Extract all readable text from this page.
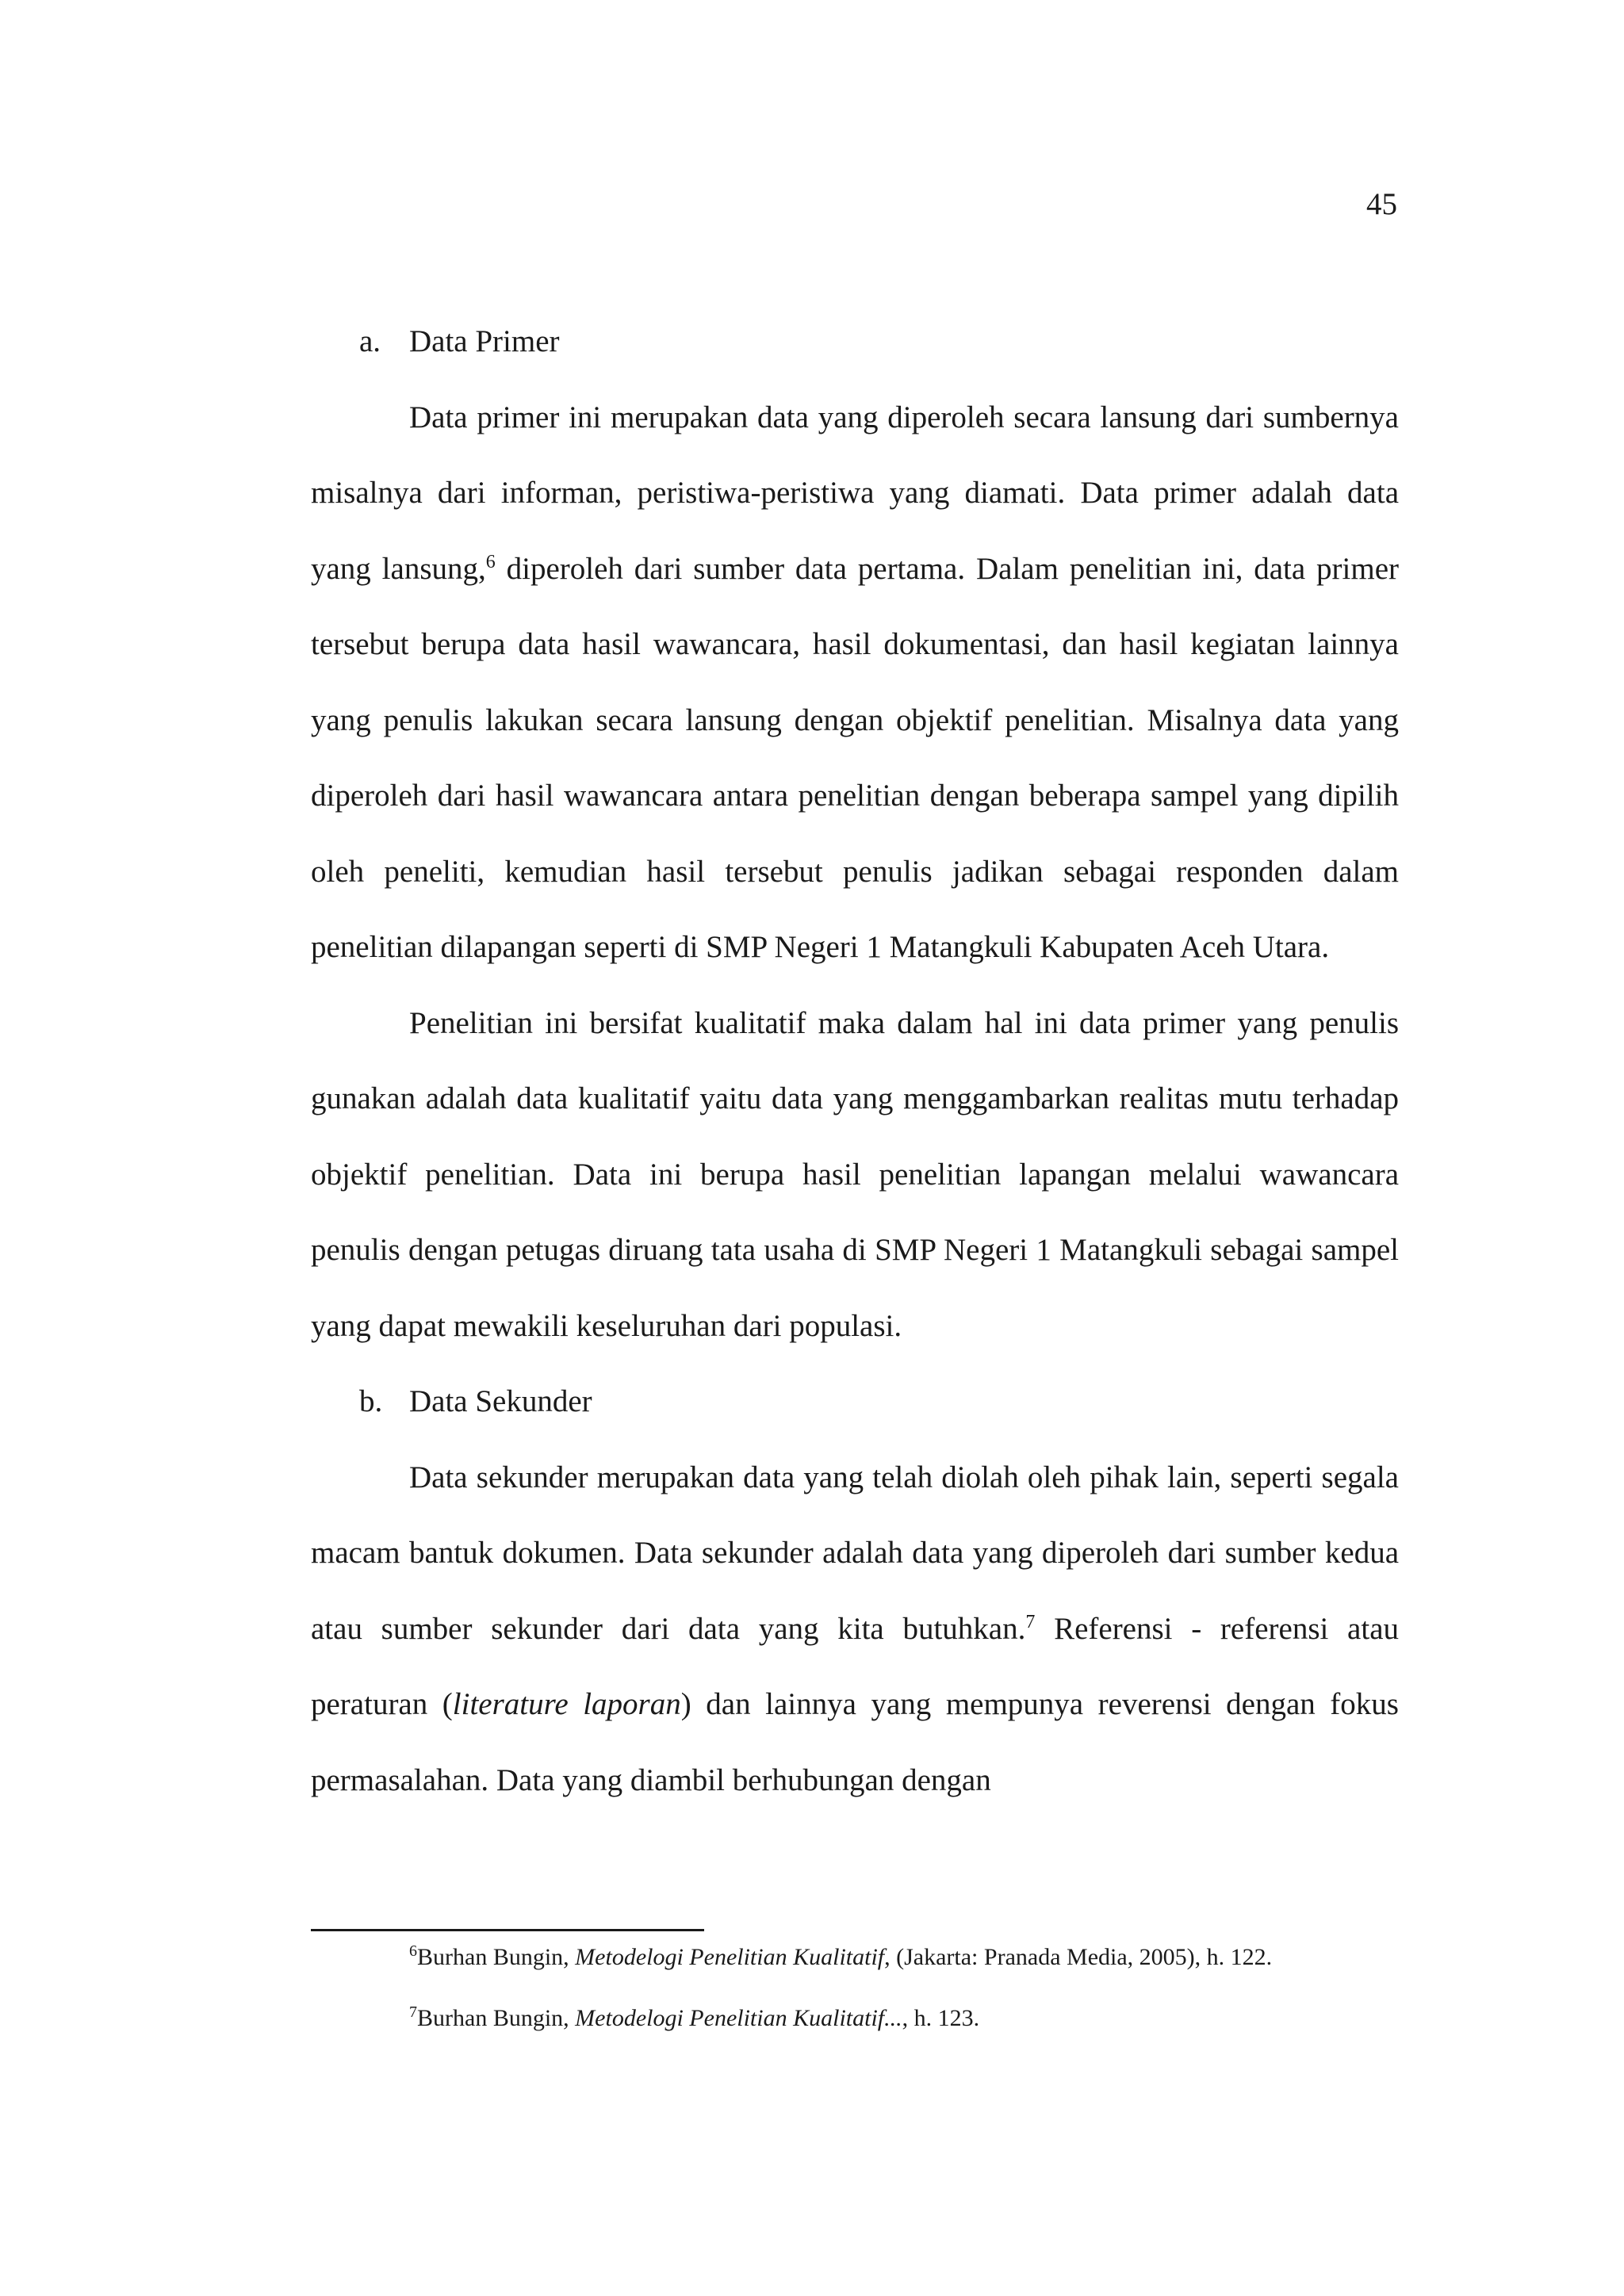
45
a. Data Primer

Data primer ini merupakan data yang diperoleh secara lansung dari sumbernya misalnya dari informan, peristiwa-peristiwa yang diamati. Data primer adalah data yang lansung,$^6$ diperoleh dari sumber data pertama. Dalam penelitian ini, data primer tersebut berupa data hasil wawancara, hasil dokumentasi, dan hasil kegiatan lainnya yang penulis lakukan secara lansung dengan objektif penelitian. Misalnya data yang diperoleh dari hasil wawancara antara penelitian dengan beberapa sampel yang dipilih oleh peneliti, kemudian hasil tersebut penulis jadikan sebagai responden dalam penelitian dilapangan seperti di SMP Negeri 1 Matangkuli Kabupaten Aceh Utara.

Penelitian ini bersifat kualitatif maka dalam hal ini data primer yang penulis gunakan adalah data kualitatif yaitu data yang menggambarkan realitas mutu terhadap objektif penelitian. Data ini berupa hasil penelitian lapangan melalui wawancara penulis dengan petugas diruang tata usaha di SMP Negeri 1 Matangkuli sebagai sampel yang dapat mewakili keseluruhan dari populasi.

b. Data Sekunder

Data sekunder merupakan data yang telah diolah oleh pihak lain, seperti segala macam bantuk dokumen. Data sekunder adalah data yang diperoleh dari sumber kedua atau sumber sekunder dari data yang kita butuhkan.$^7$ Referensi - referensi atau peraturan (literature laporan) dan lainnya yang mempunya reverensi dengan fokus permasalahan. Data yang diambil berhubungan dengan

$^6$Burhan Bungin, Metodelogi Penelitian Kualitatif, (Jakarta: Pranada Media, 2005), h. 122.

$^7$Burhan Bungin, Metodelogi Penelitian Kualitatif..., h. 123.
